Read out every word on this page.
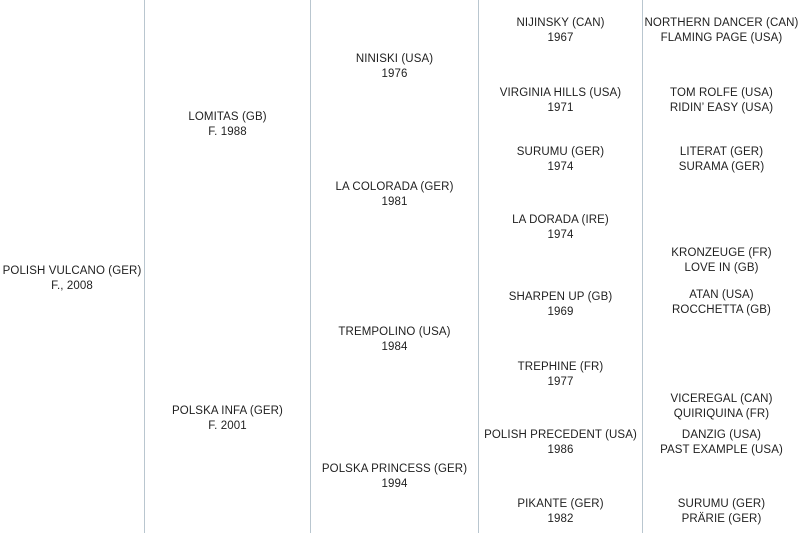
POLISH VULCANO (GER)
F., 2008
LOMITAS (GB)
F. 1988
POLSKA INFA (GER)
F. 2001
NINISKI (USA)
1976
LA COLORADA (GER)
1981
TREMPOLINO (USA)
1984
POLSKA PRINCESS (GER)
1994
NIJINSKY (CAN)
1967
VIRGINIA HILLS (USA)
1971
SURUMU (GER)
1974
LA DORADA (IRE)
1974
SHARPEN UP (GB)
1969
TREPHINE (FR)
1977
POLISH PRECEDENT (USA)
1986
PIKANTE (GER)
1982
NORTHERN DANCER (CAN)
FLAMING PAGE (USA)
TOM ROLFE (USA)
RIDIN’ EASY (USA)
LITERAT (GER)
SURAMA (GER)
KRONZEUGE (FR)
LOVE IN (GB)
ATAN (USA)
ROCCHETTA (GB)
VICEREGAL (CAN)
QUIRIQUINA (FR)
DANZIG (USA)
PAST EXAMPLE (USA)
SURUMU (GER)
PRÄRIE (GER)
